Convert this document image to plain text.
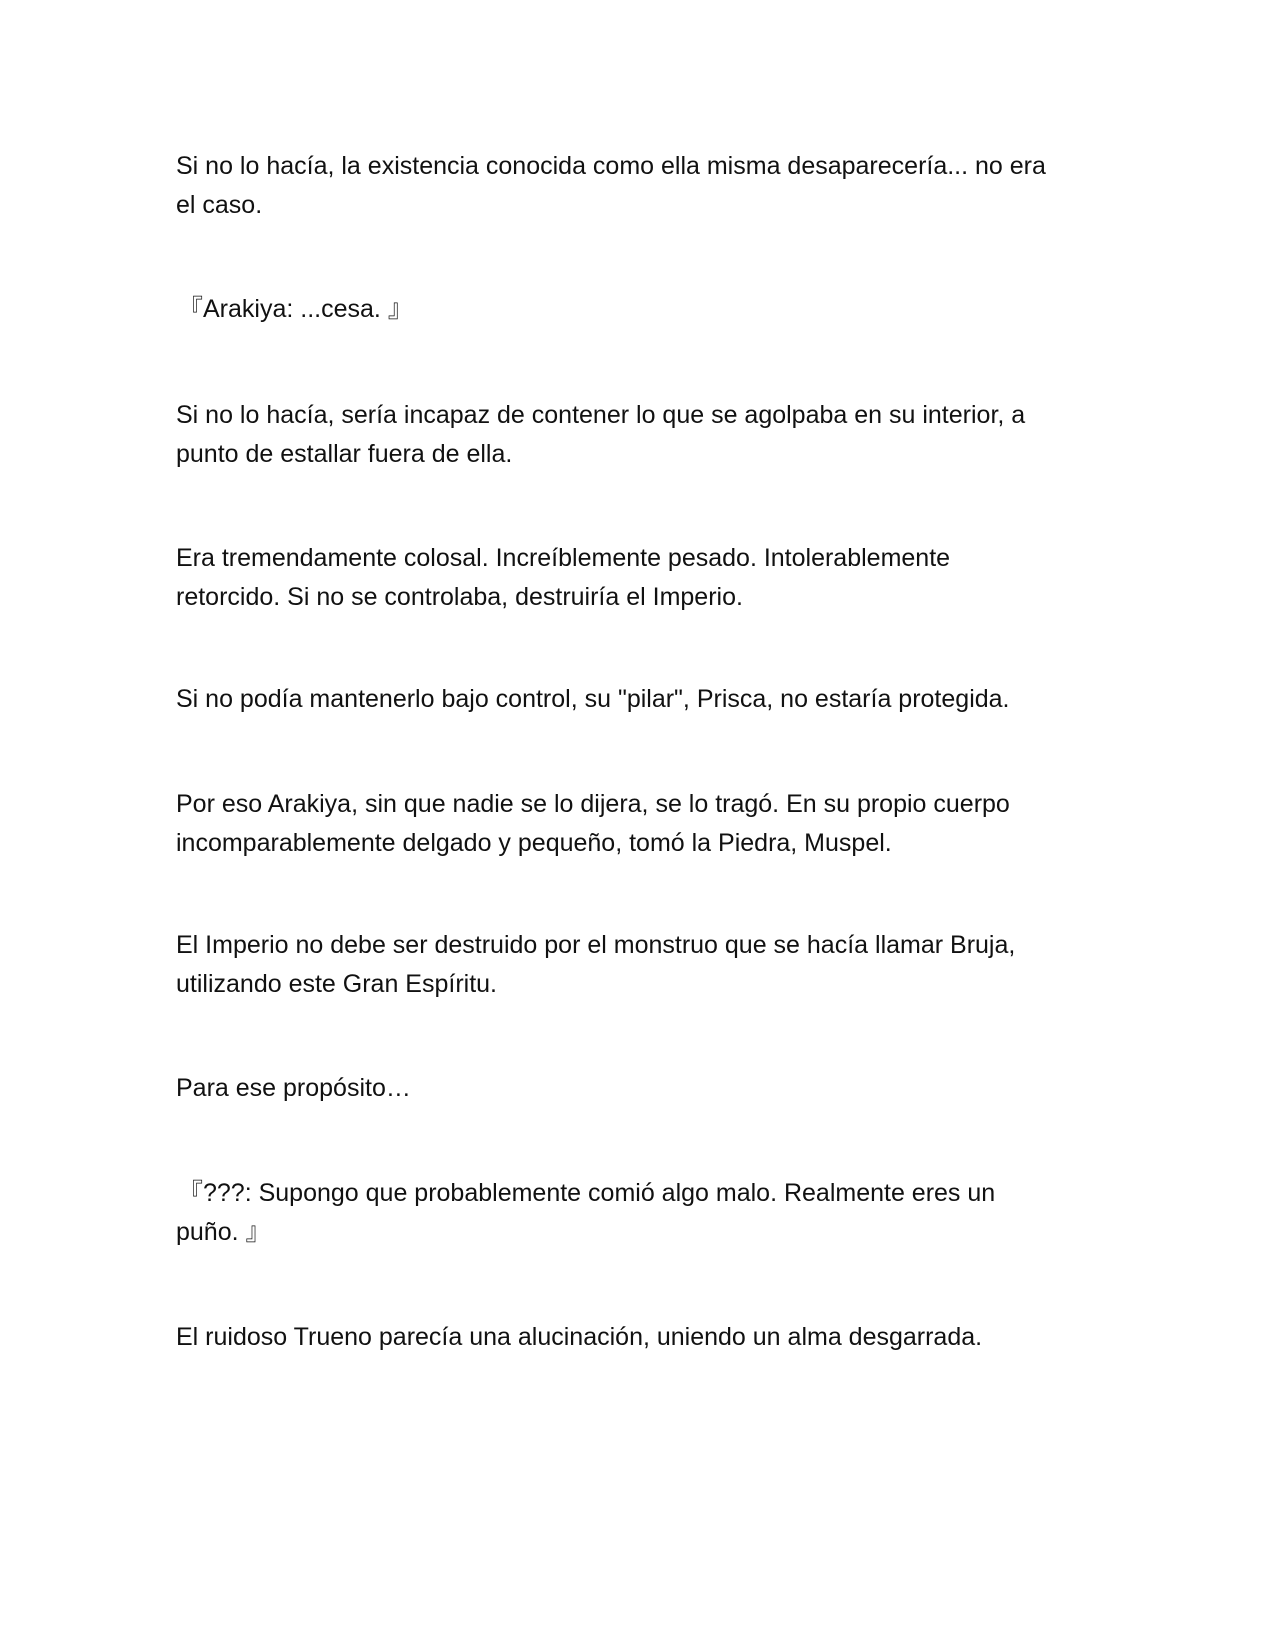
Si no lo hacía, la existencia conocida como ella misma desaparecería... no era
el caso.

『Arakiya: ...cesa. 』

Si no lo hacía, sería incapaz de contener lo que se agolpaba en su interior, a
punto de estallar fuera de ella.

Era tremendamente colosal. Increíblemente pesado. Intolerablemente
retorcido. Si no se controlaba, destruiría el Imperio.

Si no podía mantenerlo bajo control, su "pilar", Prisca, no estaría protegida.

Por eso Arakiya, sin que nadie se lo dijera, se lo tragó. En su propio cuerpo
incomparablemente delgado y pequeño, tomó la Piedra, Muspel.

El Imperio no debe ser destruido por el monstruo que se hacía llamar Bruja,
utilizando este Gran Espíritu.

Para ese propósito…

『???: Supongo que probablemente comió algo malo. Realmente eres un
puño. 』

El ruidoso Trueno parecía una alucinación, uniendo un alma desgarrada.
